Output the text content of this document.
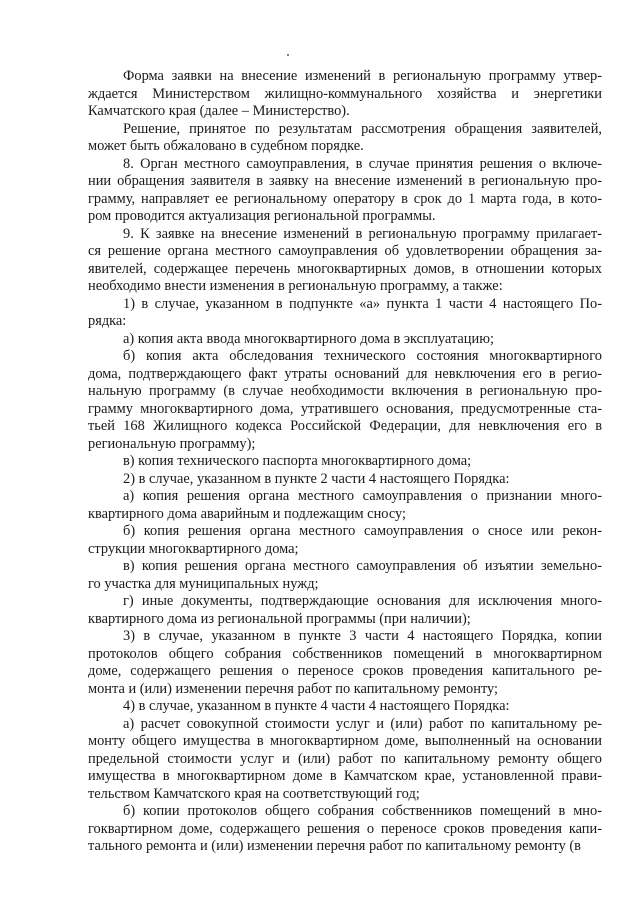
Форма заявки на внесение изменений в региональную программу утвер-
ждается Министерством жилищно-коммунального хозяйства и энергетики
Камчатского края (далее – Министерство).

Решение, принятое по результатам рассмотрения обращения заявителей,
может быть обжаловано в судебном порядке.

8. Орган местного самоуправления, в случае принятия решения о включе-
нии обращения заявителя в заявку на внесение изменений в региональную про-
грамму, направляет ее региональному оператору в срок до 1 марта года, в кото-
ром проводится актуализация региональной программы.

9. К заявке на внесение изменений в региональную программу прилагает-
ся решение органа местного самоуправления об удовлетворении обращения за-
явителей, содержащее перечень многоквартирных домов, в отношении которых
необходимо внести изменения в региональную программу, а также:

1) в случае, указанном в подпункте «а» пункта 1 части 4 настоящего По-
рядка:

а) копия акта ввода многоквартирного дома в эксплуатацию;

б) копия акта обследования технического состояния многоквартирного
дома, подтверждающего факт утраты оснований для невключения его в регио-
нальную программу (в случае необходимости включения в региональную про-
грамму многоквартирного дома, утратившего основания, предусмотренные ста-
тьей 168 Жилищного кодекса Российской Федерации, для невключения его в
региональную программу);

в) копия технического паспорта многоквартирного дома;

2) в случае, указанном в пункте 2 части 4 настоящего Порядка:

а) копия решения органа местного самоуправления о признании много-
квартирного дома аварийным и подлежащим сносу;

б) копия решения органа местного самоуправления о сносе или рекон-
струкции многоквартирного дома;

в) копия решения органа местного самоуправления об изъятии земельно-
го участка для муниципальных нужд;

г) иные документы, подтверждающие основания для исключения много-
квартирного дома из региональной программы (при наличии);

3) в случае, указанном в пункте 3 части 4 настоящего Порядка, копии
протоколов общего собрания собственников помещений в многоквартирном
доме, содержащего решения о переносе сроков проведения капитального ре-
монта и (или) изменении перечня работ по капитальному ремонту;

4) в случае, указанном в пункте 4 части 4 настоящего Порядка:

а) расчет совокупной стоимости услуг и (или) работ по капитальному ре-
монту общего имущества в многоквартирном доме, выполненный на основании
предельной стоимости услуг и (или) работ по капитальному ремонту общего
имущества в многоквартирном доме в Камчатском крае, установленной прави-
тельством Камчатского края на соответствующий год;

б) копии протоколов общего собрания собственников помещений в мно-
гоквартирном доме, содержащего решения о переносе сроков проведения капи-
тального ремонта и (или) изменении перечня работ по капитальному ремонту (в
